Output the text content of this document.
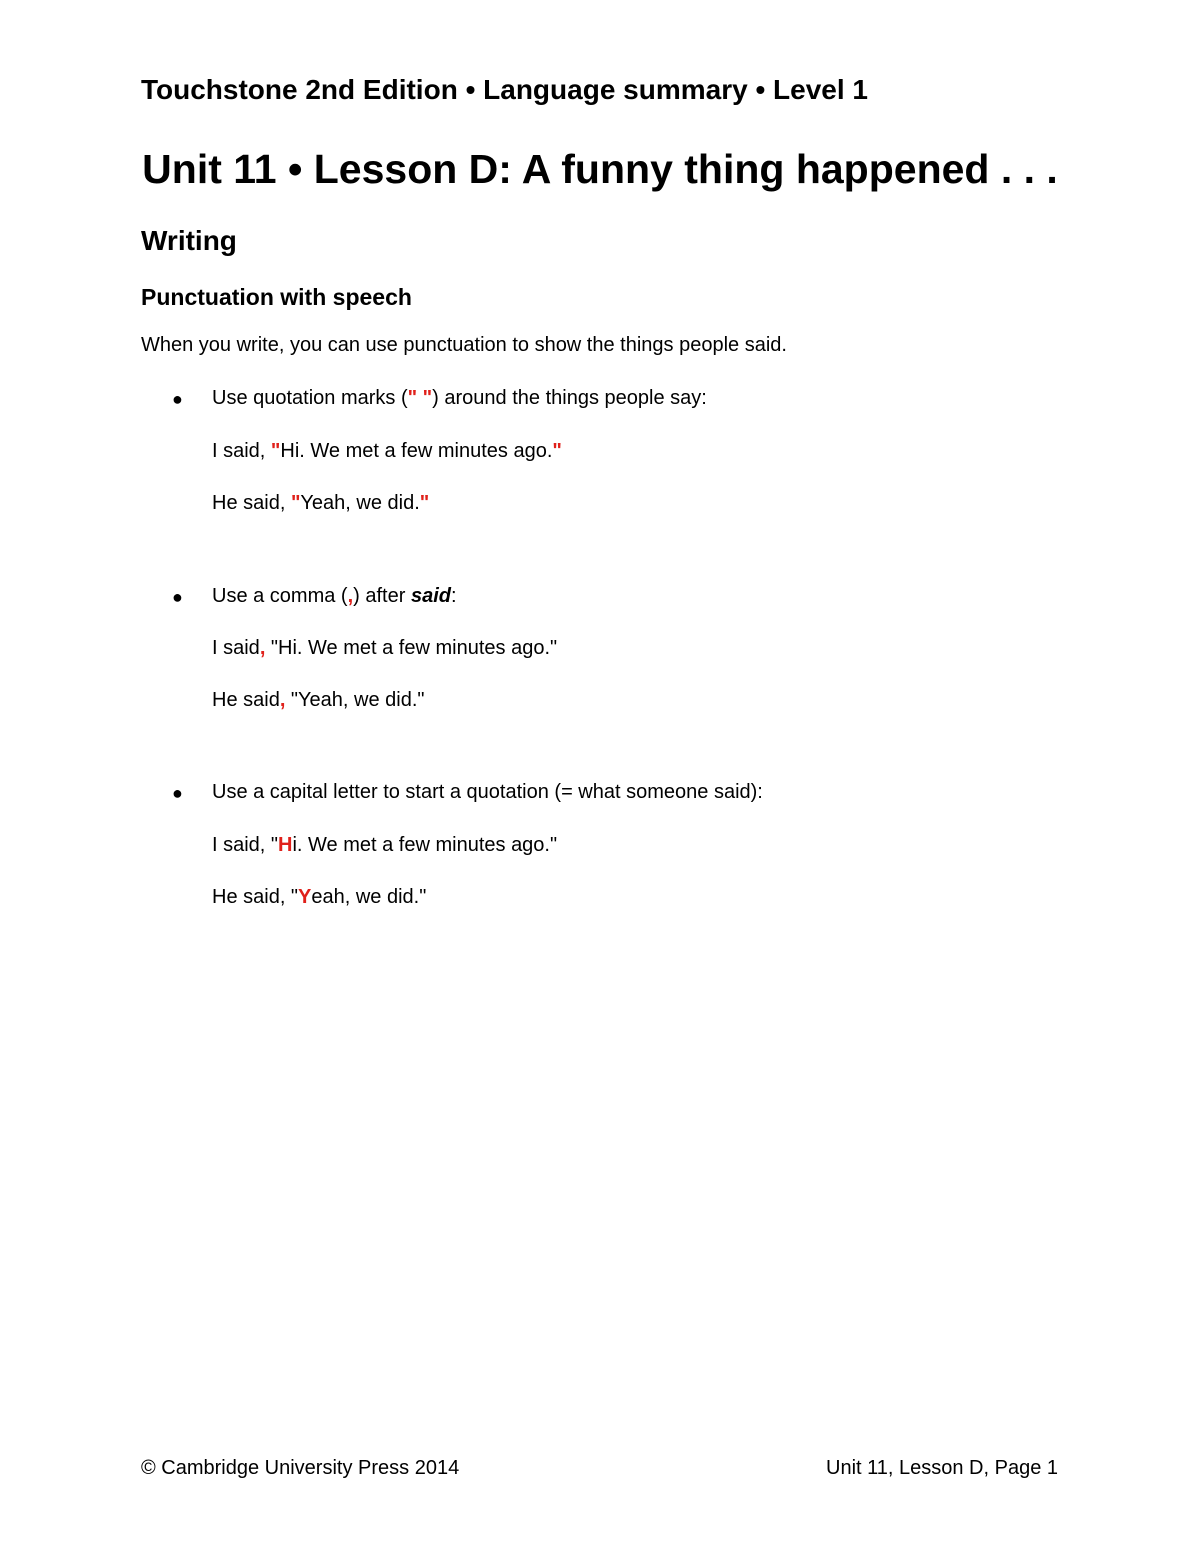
Touchstone 2nd Edition • Language summary • Level 1
Unit 11 • Lesson D: A funny thing happened . . .
Writing
Punctuation with speech
When you write, you can use punctuation to show the things people said.
● Use quotation marks (" ") around the things people say:
I said, "Hi. We met a few minutes ago."
He said, "Yeah, we did."
● Use a comma (,) after said:
I said, "Hi. We met a few minutes ago."
He said, "Yeah, we did."
● Use a capital letter to start a quotation (= what someone said):
I said, "Hi. We met a few minutes ago."
He said, "Yeah, we did."
© Cambridge University Press 2014	Unit 11, Lesson D, Page 1
